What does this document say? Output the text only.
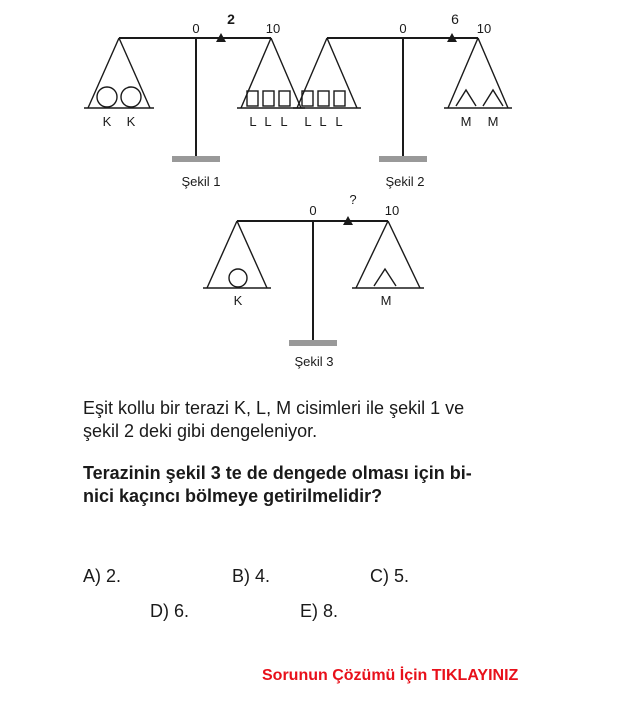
0
2
10
K K	L L L
Şekil 1
0
6
10
L L L	M M
Şekil 2
0
?
10
K	M
Şekil 3
Eşit kollu bir terazi K, L, M cisimleri ile şekil 1 ve
şekil 2 deki gibi dengeleniyor.
Terazinin şekil 3 te de dengede olması için bi-
nici kaçıncı bölmeye getirilmelidir?
A) 2.	B) 4.	C) 5.
D) 6.	E) 8.
Sorunun Çözümü İçin TIKLAYINIZ
